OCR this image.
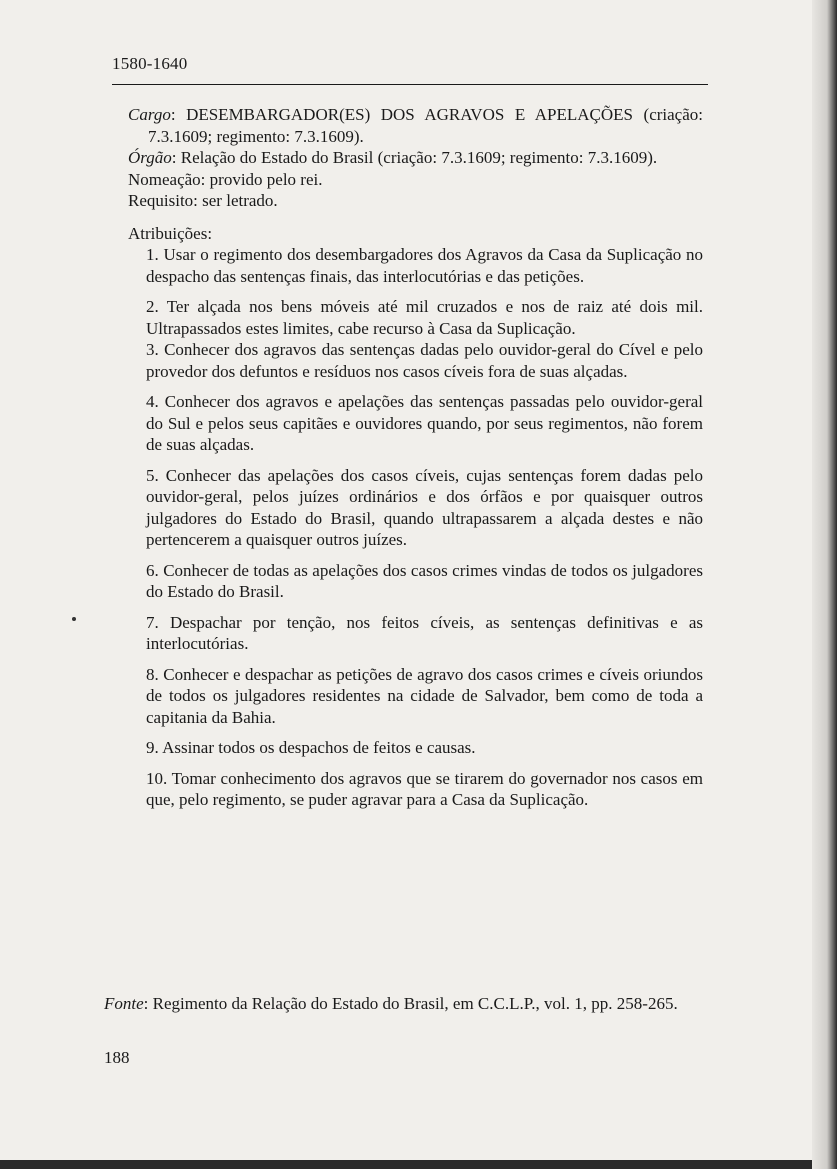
1580-1640

Cargo: DESEMBARGADOR(ES) DOS AGRAVOS E APELAÇÕES (criação: 7.3.1609; regimento: 7.3.1609).

Órgão: Relação do Estado do Brasil (criação: 7.3.1609; regimento: 7.3.1609).

Nomeação: provido pelo rei.

Requisito: ser letrado.

Atribuições:

1. Usar o regimento dos desembargadores dos Agravos da Casa da Suplicação no despacho das sentenças finais, das interlocutórias e das petições.

2. Ter alçada nos bens móveis até mil cruzados e nos de raiz até dois mil. Ultrapassados estes limites, cabe recurso à Casa da Suplicação.

3. Conhecer dos agravos das sentenças dadas pelo ouvidor-geral do Cível e pelo provedor dos defuntos e resíduos nos casos cíveis fora de suas alçadas.

4. Conhecer dos agravos e apelações das sentenças passadas pelo ouvidor-geral do Sul e pelos seus capitães e ouvidores quando, por seus regimentos, não forem de suas alçadas.

5. Conhecer das apelações dos casos cíveis, cujas sentenças forem dadas pelo ouvidor-geral, pelos juízes ordinários e dos órfãos e por quaisquer outros julgadores do Estado do Brasil, quando ultrapassarem a alçada destes e não pertencerem a quaisquer outros juízes.

6. Conhecer de todas as apelações dos casos crimes vindas de todos os julgadores do Estado do Brasil.

7. Despachar por tenção, nos feitos cíveis, as sentenças definitivas e as interlocutórias.

8. Conhecer e despachar as petições de agravo dos casos crimes e cíveis oriundos de todos os julgadores residentes na cidade de Salvador, bem como de toda a capitania da Bahia.

9. Assinar todos os despachos de feitos e causas.

10. Tomar conhecimento dos agravos que se tirarem do governador nos casos em que, pelo regimento, se puder agravar para a Casa da Suplicação.

Fonte: Regimento da Relação do Estado do Brasil, em C.C.L.P., vol. 1, pp. 258-265.

188
